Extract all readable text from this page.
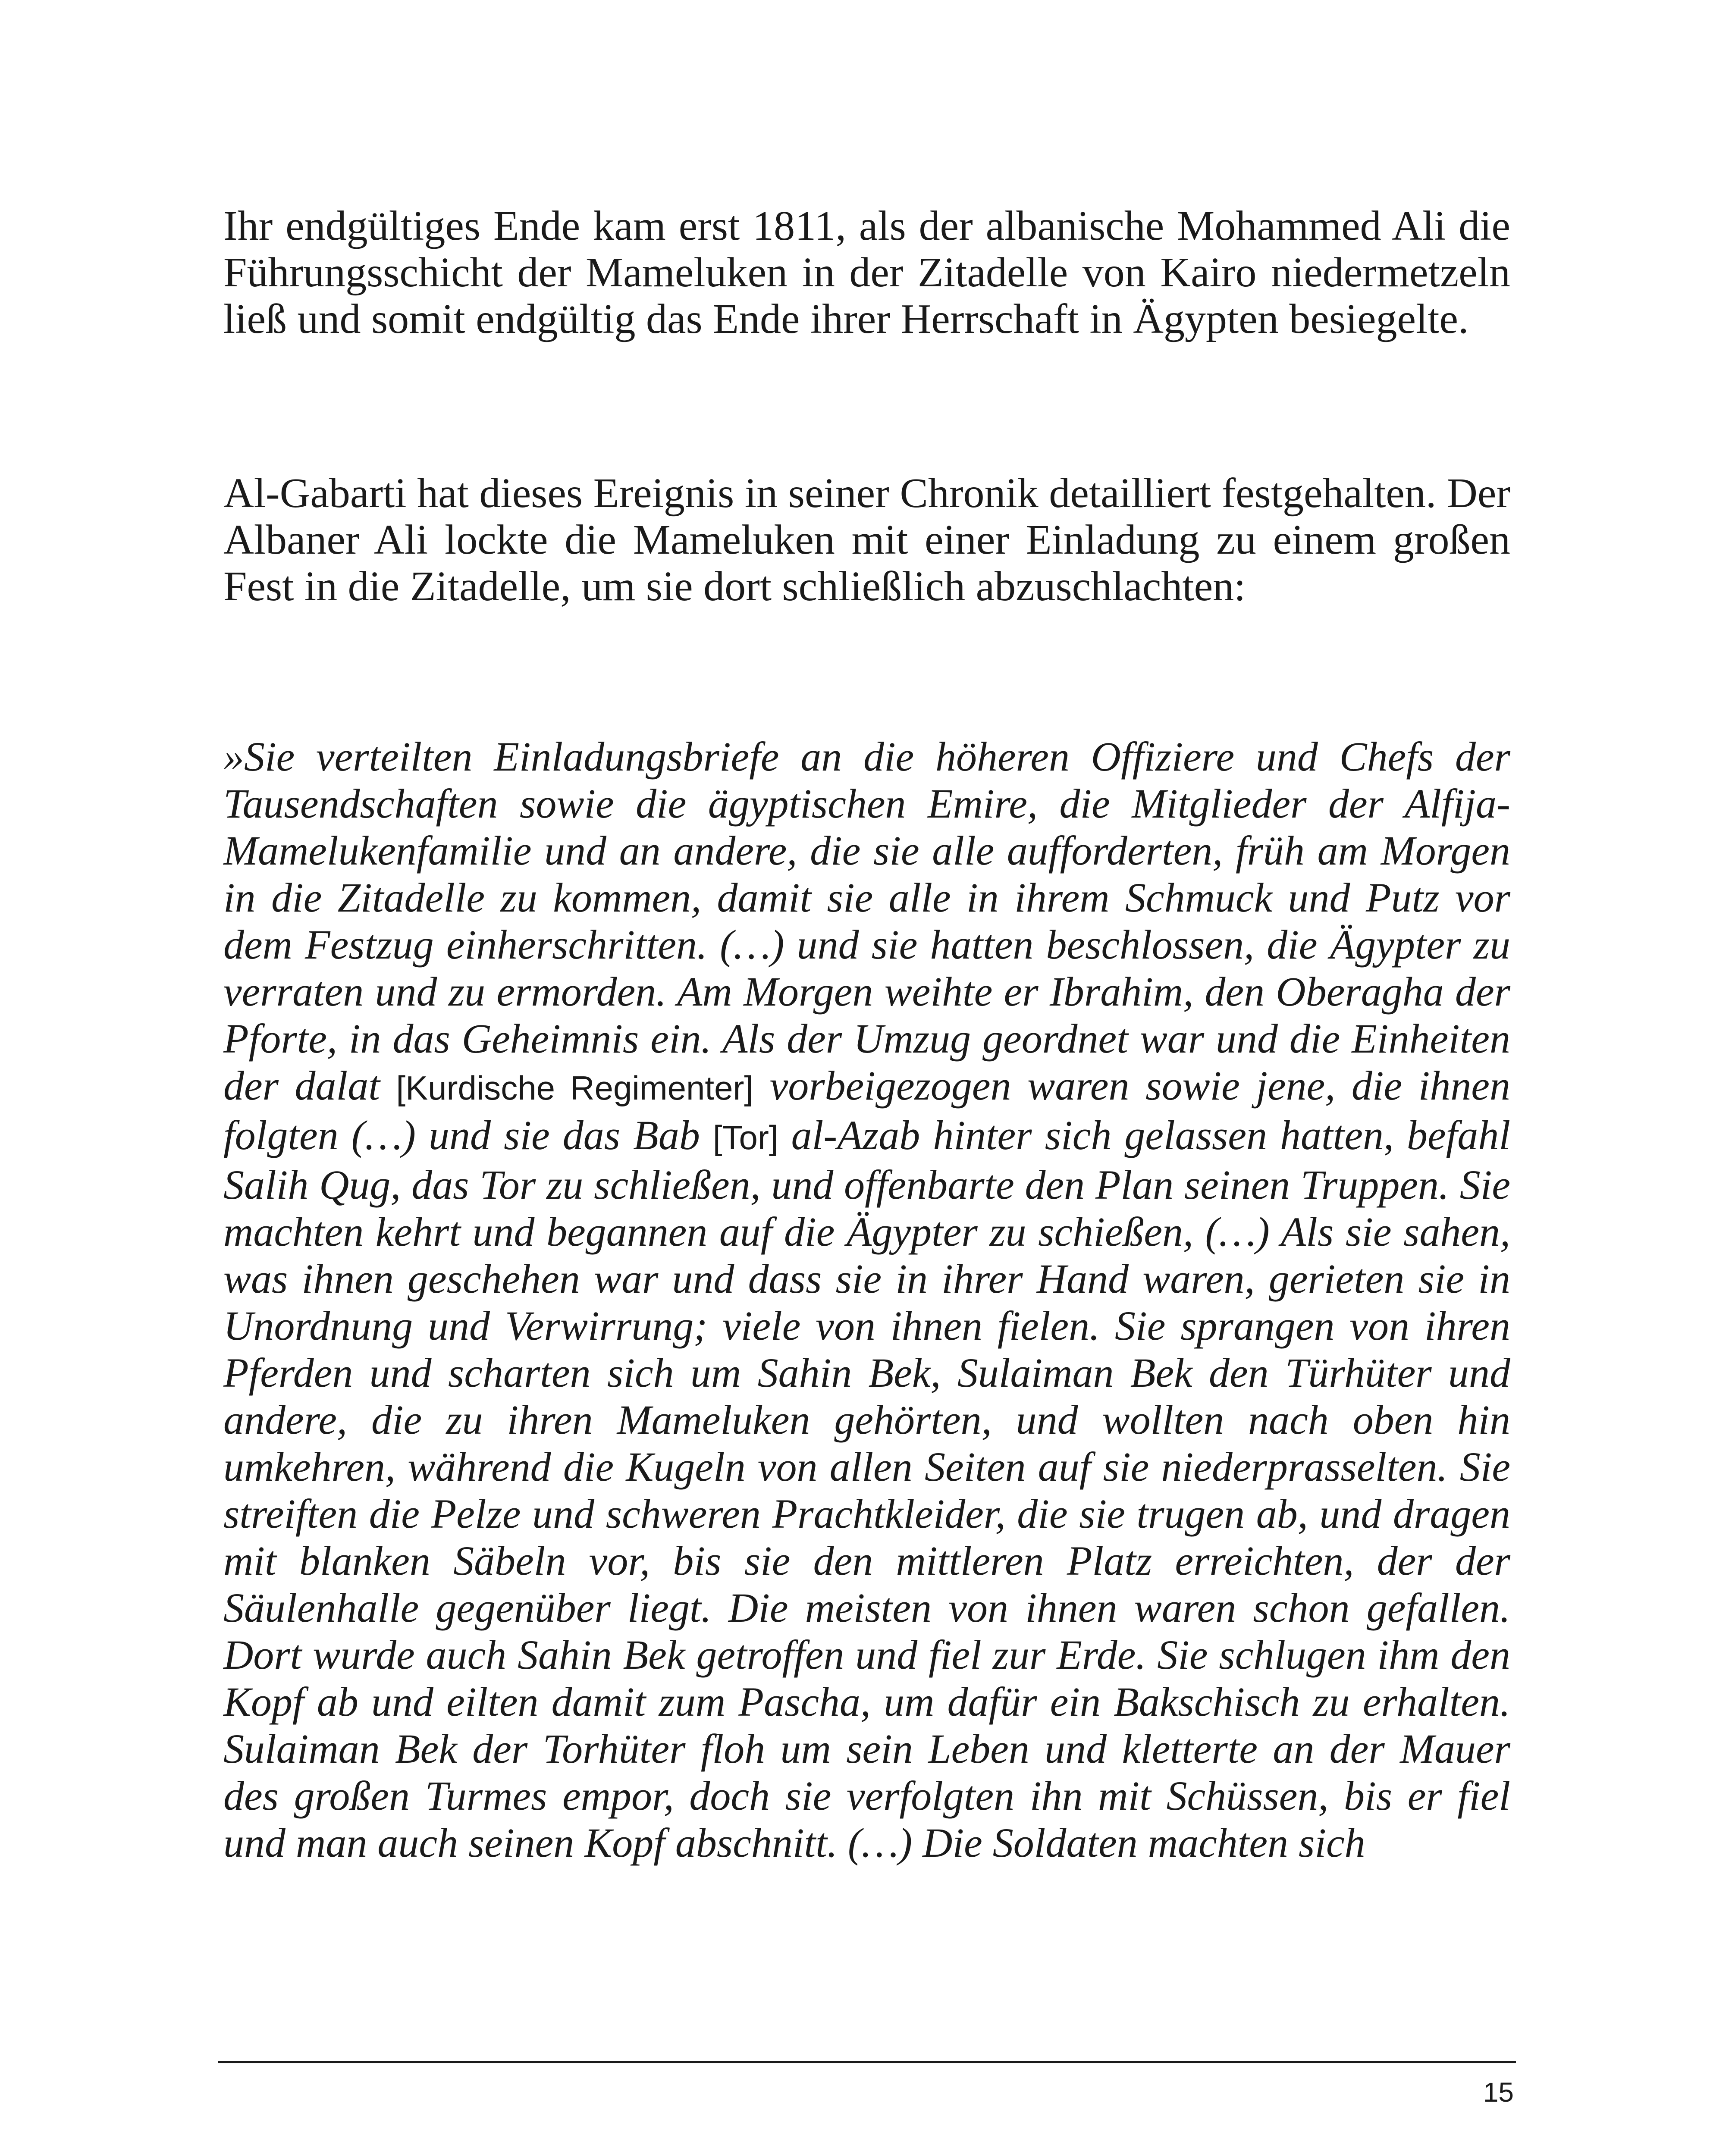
Ihr endgültiges Ende kam erst 1811, als der albanische Mohammed Ali die Führungsschicht der Mameluken in der Zitadelle von Kairo niedermetzeln ließ und somit endgültig das Ende ihrer Herrschaft in Ägypten besiegelte.

Al-Gabarti hat dieses Ereignis in seiner Chronik detailliert festgehalten. Der Albaner Ali lockte die Mameluken mit einer Einladung zu einem großen Fest in die Zitadelle, um sie dort schließlich abzuschlachten:

»Sie verteilten Einladungsbriefe an die höheren Offiziere und Chefs der Tausendschaften sowie die ägyptischen Emire, die Mitglieder der Alfija-Mamelukenfamilie und an andere, die sie alle aufforderten, früh am Morgen in die Zitadelle zu kommen, damit sie alle in ihrem Schmuck und Putz vor dem Festzug einherschritten. (…) und sie hatten beschlossen, die Ägypter zu verraten und zu ermorden. Am Morgen weihte er Ibrahim, den Oberagha der Pforte, in das Geheimnis ein. Als der Umzug geordnet war und die Einheiten der dalat [Kurdische Regimenter] vorbeigezogen waren sowie jene, die ihnen folgten (…) und sie das Bab [Tor] al-Azab hinter sich gelassen hatten, befahl Salih Qug, das Tor zu schließen, und offenbarte den Plan seinen Truppen. Sie machten kehrt und begannen auf die Ägypter zu schießen, (…) Als sie sahen, was ihnen geschehen war und dass sie in ihrer Hand waren, gerieten sie in Unordnung und Verwirrung; viele von ihnen fielen. Sie sprangen von ihren Pferden und scharten sich um Sahin Bek, Sulaiman Bek den Türhüter und andere, die zu ihren Mameluken gehörten, und wollten nach oben hin umkehren, während die Kugeln von allen Seiten auf sie niederprasselten. Sie streiften die Pelze und schweren Prachtkleider, die sie trugen ab, und dragen mit blanken Säbeln vor, bis sie den mittleren Platz erreichten, der der Säulenhalle gegenüber liegt. Die meisten von ihnen waren schon gefallen. Dort wurde auch Sahin Bek getroffen und fiel zur Erde. Sie schlugen ihm den Kopf ab und eilten damit zum Pascha, um dafür ein Bakschisch zu erhalten. Sulaiman Bek der Torhüter floh um sein Leben und kletterte an der Mauer des großen Turmes empor, doch sie verfolgten ihn mit Schüssen, bis er fiel und man auch seinen Kopf abschnitt. (…) Die Soldaten machten sich

15
